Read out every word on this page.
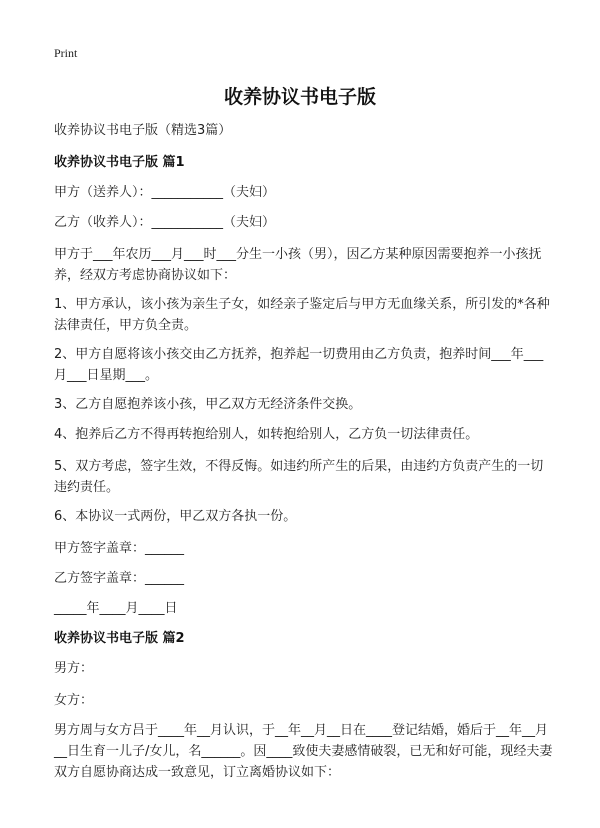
Print
收养协议书电子版
收养协议书电子版（精选3篇）
收养协议书电子版 篇1
甲方（送养人）：___________（夫妇）
乙方（收养人）：___________（夫妇）
甲方于___年农历___月___时___分生一小孩（男），因乙方某种原因需要抱养一小孩抚养，经双方考虑协商协议如下：
1、甲方承认，该小孩为亲生子女，如经亲子鉴定后与甲方无血缘关系，所引发的*各种法律责任，甲方负全责。
2、甲方自愿将该小孩交由乙方抚养，抱养起一切费用由乙方负责，抱养时间___年___月___日星期___。
3、乙方自愿抱养该小孩，甲乙双方无经济条件交换。
4、抱养后乙方不得再转抱给别人，如转抱给别人，乙方负一切法律责任。
5、双方考虑，签字生效，不得反悔。如违约所产生的后果，由违约方负责产生的一切违约责任。
6、本协议一式两份，甲乙双方各执一份。
甲方签字盖章：______
乙方签字盖章：______
_____年____月____日
收养协议书电子版 篇2
男方：
女方：
男方周与女方吕于____年__月认识，于__年__月__日在____登记结婚，婚后于__年__月__日生育一儿子/女儿，名______。因____致使夫妻感情破裂，已无和好可能，现经夫妻双方自愿协商达成一致意见，订立离婚协议如下：
